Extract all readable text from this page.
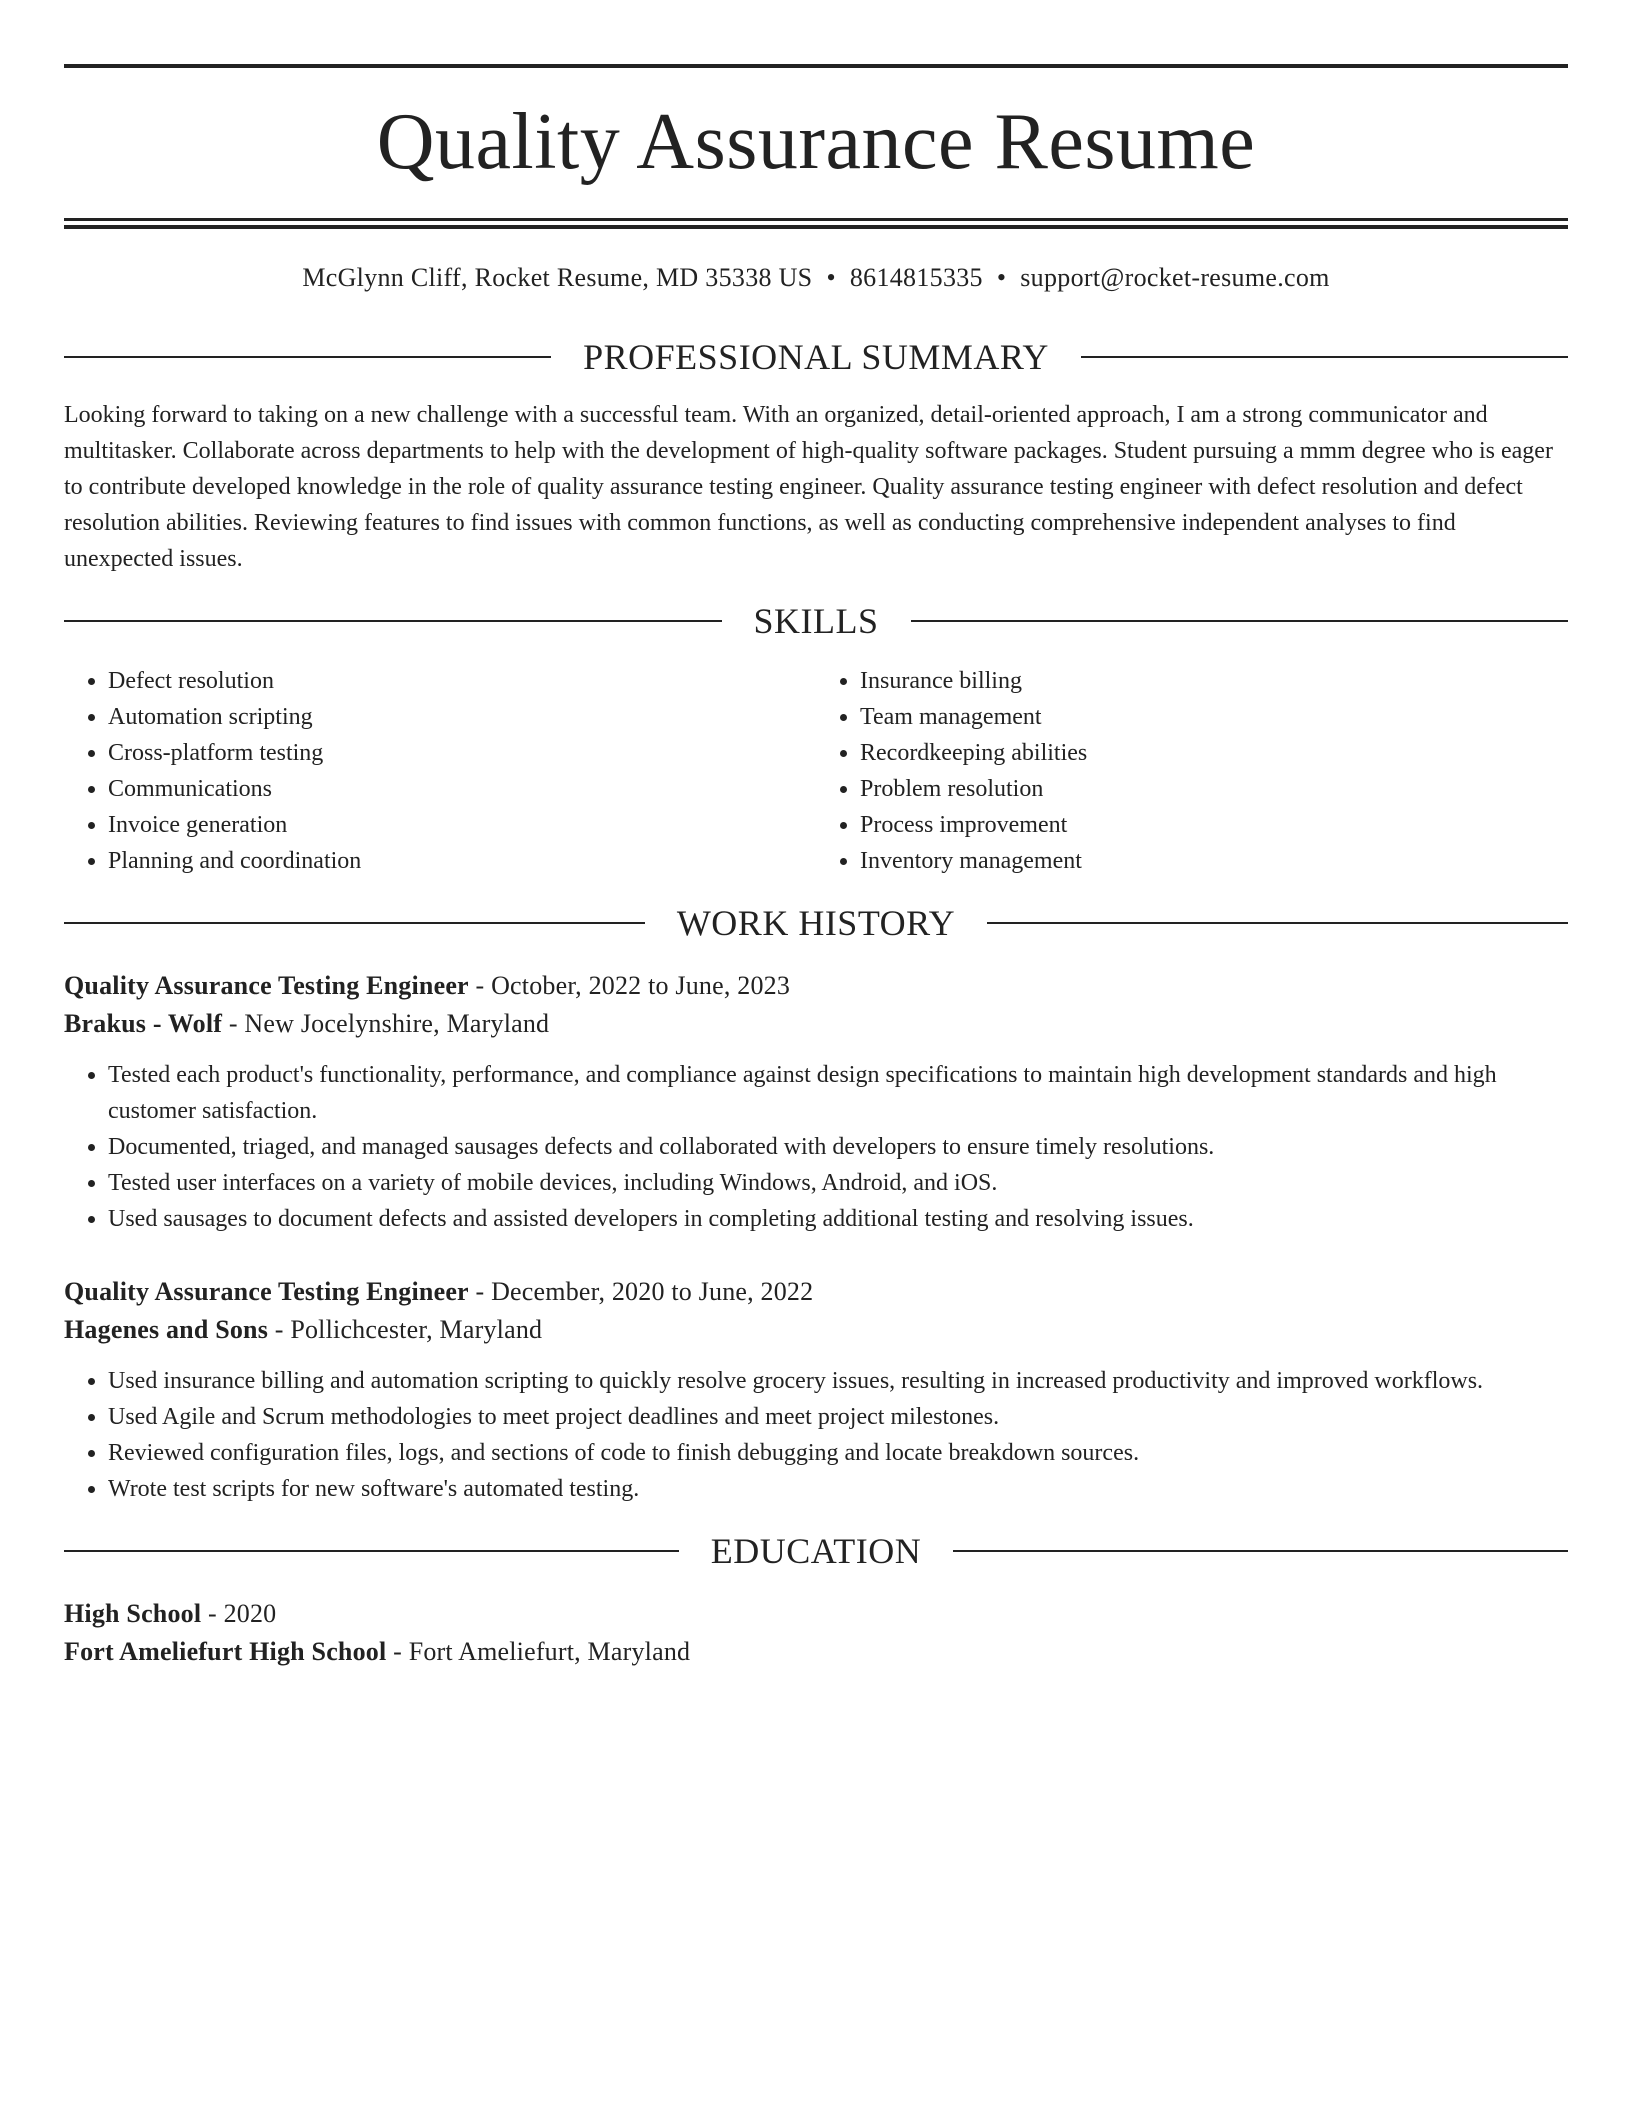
Quality Assurance Resume
McGlynn Cliff, Rocket Resume, MD 35338 US • 8614815335 • support@rocket-resume.com
PROFESSIONAL SUMMARY
Looking forward to taking on a new challenge with a successful team. With an organized, detail-oriented approach, I am a strong communicator and multitasker. Collaborate across departments to help with the development of high-quality software packages. Student pursuing a mmm degree who is eager to contribute developed knowledge in the role of quality assurance testing engineer. Quality assurance testing engineer with defect resolution and defect resolution abilities. Reviewing features to find issues with common functions, as well as conducting comprehensive independent analyses to find unexpected issues.
SKILLS
• Defect resolution
• Automation scripting
• Cross-platform testing
• Communications
• Invoice generation
• Planning and coordination
• Insurance billing
• Team management
• Recordkeeping abilities
• Problem resolution
• Process improvement
• Inventory management
WORK HISTORY
Quality Assurance Testing Engineer - October, 2022 to June, 2023
Brakus - Wolf - New Jocelynshire, Maryland
• Tested each product's functionality, performance, and compliance against design specifications to maintain high development standards and high customer satisfaction.
• Documented, triaged, and managed sausages defects and collaborated with developers to ensure timely resolutions.
• Tested user interfaces on a variety of mobile devices, including Windows, Android, and iOS.
• Used sausages to document defects and assisted developers in completing additional testing and resolving issues.
Quality Assurance Testing Engineer - December, 2020 to June, 2022
Hagenes and Sons - Pollichcester, Maryland
• Used insurance billing and automation scripting to quickly resolve grocery issues, resulting in increased productivity and improved workflows.
• Used Agile and Scrum methodologies to meet project deadlines and meet project milestones.
• Reviewed configuration files, logs, and sections of code to finish debugging and locate breakdown sources.
• Wrote test scripts for new software's automated testing.
EDUCATION
High School - 2020
Fort Ameliefurt High School - Fort Ameliefurt, Maryland
